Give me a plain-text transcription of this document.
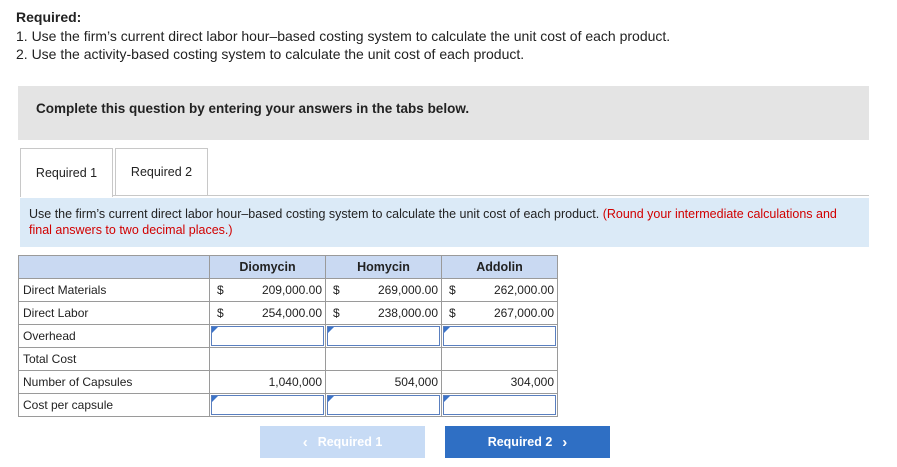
Required:
1. Use the firm’s current direct labor hour–based costing system to calculate the unit cost of each product.
2. Use the activity-based costing system to calculate the unit cost of each product.
Complete this question by entering your answers in the tabs below.
Required 1	Required 2
Use the firm’s current direct labor hour–based costing system to calculate the unit cost of each product. (Round your intermediate calculations and final answers to two decimal places.)
	Diomycin		Homycin		Addolin	
Direct Materials	$	209,000.00	$	269,000.00	$	262,000.00
Direct Labor	$	254,000.00	$	238,000.00	$	267,000.00
Overhead				

Total Cost						
Number of Capsules	1,040,000		504,000		304,000	
Cost per capsule				

‹ Required 1	Required 2 ›
